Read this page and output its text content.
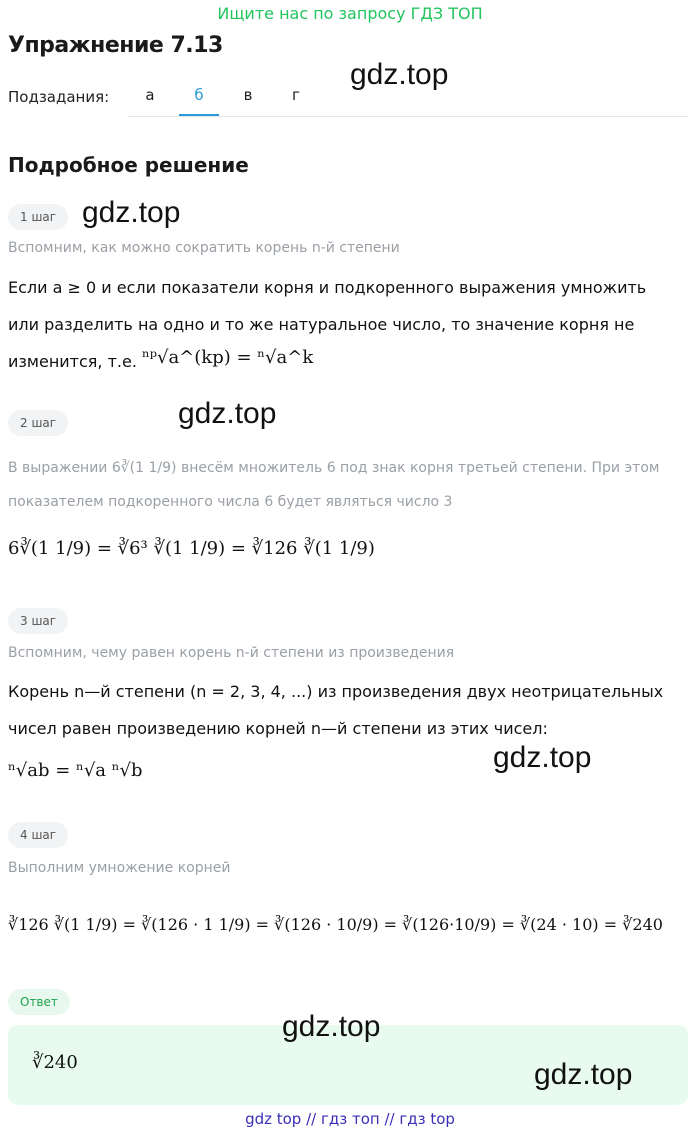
Ищите нас по запросу ГДЗ ТОП
Упражнение 7.13
gdz.top
Подзадания:	а	б	в	г
Подробное решение
1 шаг gdz.top
Вспомним, как можно сократить корень n-й степени
Если a ≥ 0 и если показатели корня и подкоренного выражения умножить
или разделить на одно и то же натуральное число, то значение корня не
изменится, т.е. ⁿᵖ√a^(kp) = ⁿ√a^k
2 шаг	gdz.top
В выражении 6∛(1 1/9) внесём множитель 6 под знак корня третьей степени. При этом
показателем подкоренного числа 6 будет являться число 3
6∛(1 1/9) = ∛6³ ∛(1 1/9) = ∛126 ∛(1 1/9)
3 шаг
Вспомним, чему равен корень n-й степени из произведения
Корень n—й степени (n = 2, 3, 4, ...) из произведения двух неотрицательных
чисел равен произведению корней n—й степени из этих чисел:
ⁿ√ab = ⁿ√a ⁿ√b	gdz.top
4 шаг
Выполним умножение корней
∛126 ∛(1 1/9) = ∛(126 · 1 1/9) = ∛(126 · 10/9) = ∛(126·10/9) = ∛(24 · 10) = ∛240
Ответ
∛240
gdz.top
gdz.top
gdz top // гдз топ // гдз top
